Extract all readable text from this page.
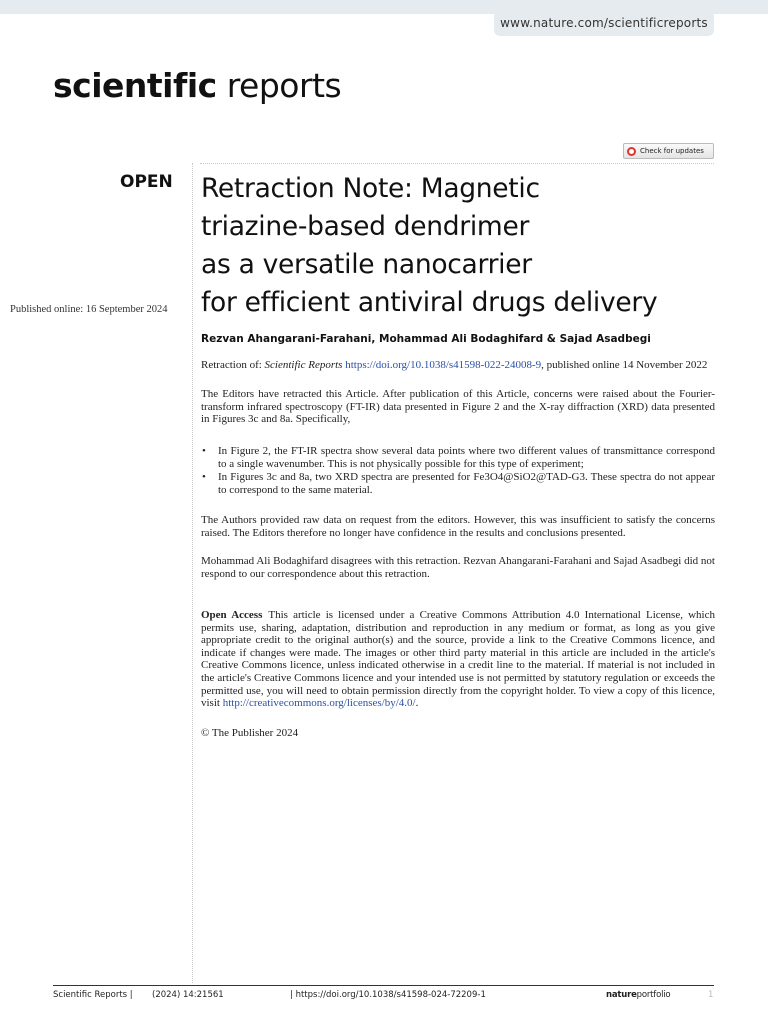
www.nature.com/scientificreports
scientific reports
Check for updates
OPEN
Published online: 16 September 2024
Retraction Note: Magnetic
triazine-based dendrimer
as a versatile nanocarrier
for efficient antiviral drugs delivery
Rezvan Ahangarani-Farahani, Mohammad Ali Bodaghifard & Sajad Asadbegi
Retraction of: Scientific Reports https://doi.org/10.1038/s41598-022-24008-9, published online 14 November 2022

The Editors have retracted this Article. After publication of this Article, concerns were raised about the Fourier-transform infrared spectroscopy (FT-IR) data presented in Figure 2 and the X-ray diffraction (XRD) data presented in Figures 3c and 8a. Specifically,

• In Figure 2, the FT-IR spectra show several data points where two different values of transmittance correspond to a single wavenumber. This is not physically possible for this type of experiment;
• In Figures 3c and 8a, two XRD spectra are presented for Fe3O4@SiO2@TAD-G3. These spectra do not appear to correspond to the same material.

The Authors provided raw data on request from the editors. However, this was insufficient to satisfy the concerns raised. The Editors therefore no longer have confidence in the results and conclusions presented.

Mohammad Ali Bodaghifard disagrees with this retraction. Rezvan Ahangarani-Farahani and Sajad Asadbegi did not respond to our correspondence about this retraction.

Open Access This article is licensed under a Creative Commons Attribution 4.0 International License, which permits use, sharing, adaptation, distribution and reproduction in any medium or format, as long as you give appropriate credit to the original author(s) and the source, provide a link to the Creative Commons licence, and indicate if changes were made. The images or other third party material in this article are included in the article's Creative Commons licence, unless indicated otherwise in a credit line to the material. If material is not included in the article's Creative Commons licence and your intended use is not permitted by statutory regulation or exceeds the permitted use, you will need to obtain permission directly from the copyright holder. To view a copy of this licence, visit http://creativecommons.org/licenses/by/4.0/.

© The Publisher 2024
Scientific Reports | (2024) 14:21561	| https://doi.org/10.1038/s41598-024-72209-1	natureportfolio	1
